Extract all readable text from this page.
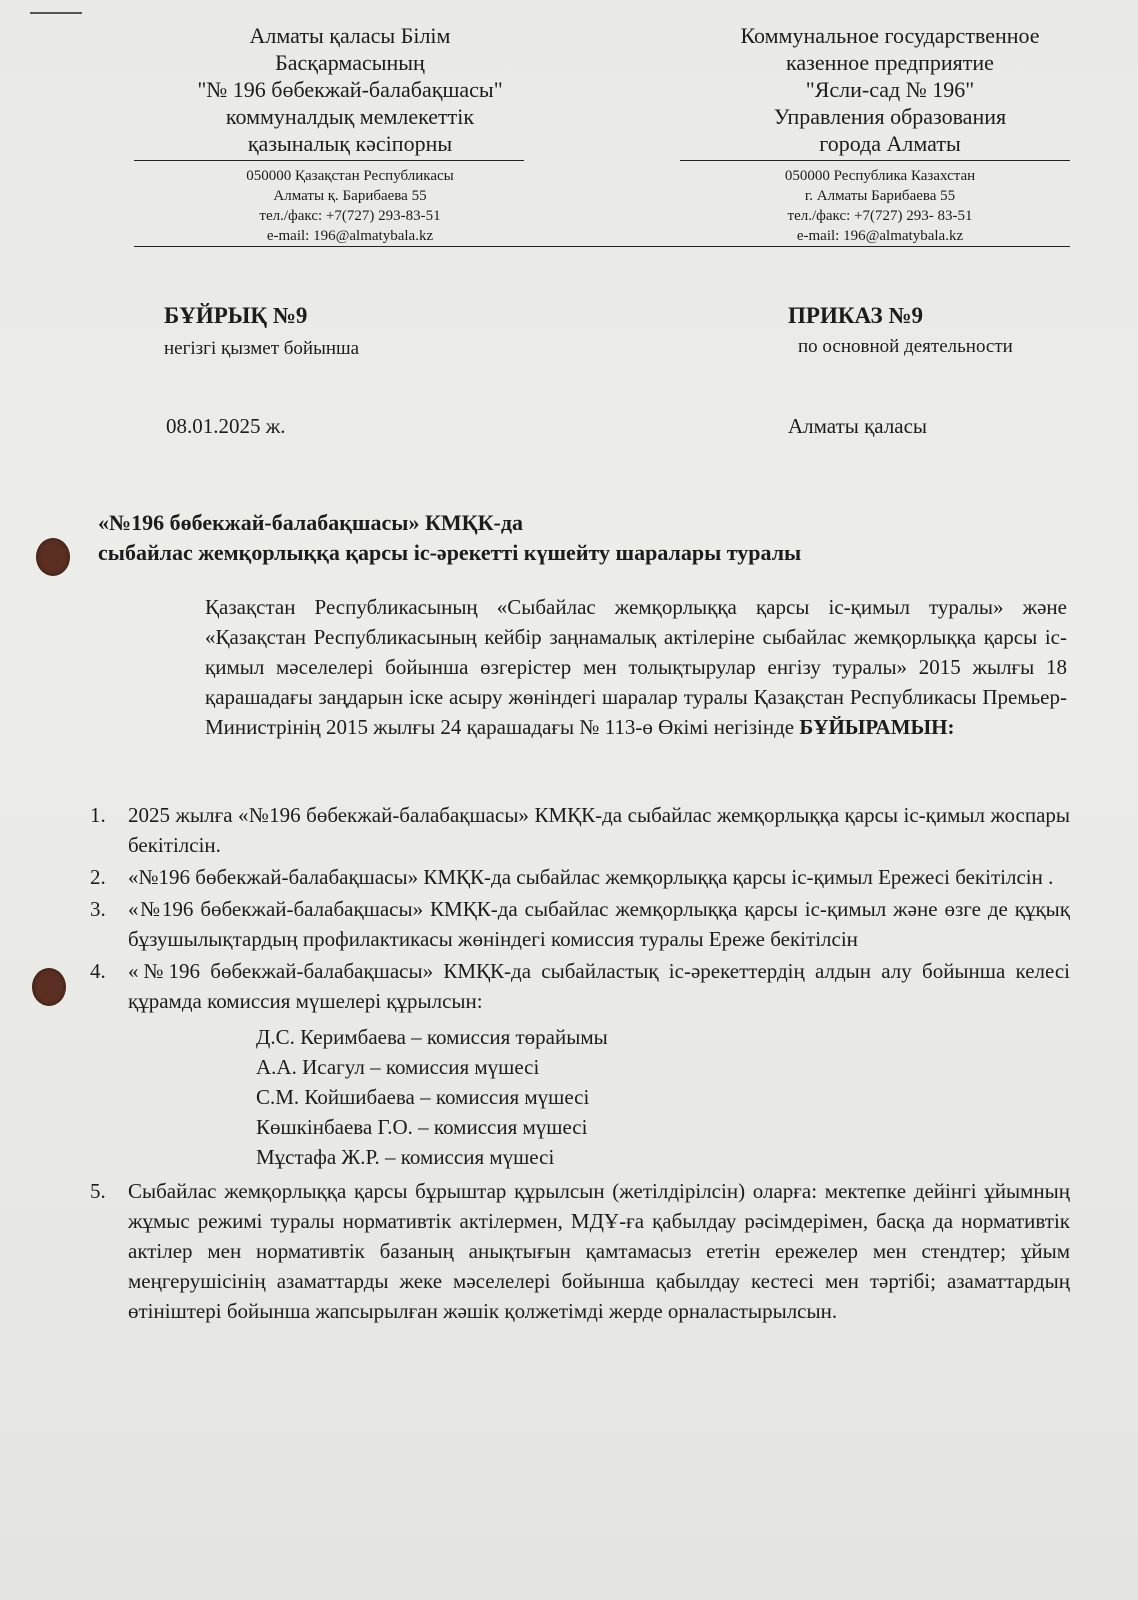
Алматы қаласы Білім
Басқармасының
"№ 196 бөбекжай-балабақшасы"
коммуналдық мемлекеттік
қазыналық кәсіпорны
050000 Қазақстан Республикасы
Алматы қ. Барибаева 55
тел./факс: +7(727) 293-83-51
e-mail: 196@almatybala.kz
Коммунальное государственное
казенное предприятие
"Ясли-сад № 196"
Управления образования
города Алматы
050000 Республика Казахстан
г. Алматы Барибаева 55
тел./факс: +7(727) 293- 83-51
e-mail: 196@almatybala.kz
БҰЙРЫҚ №9
негізгі қызмет бойынша
ПРИКАЗ №9
по основной деятельности
08.01.2025 ж.	Алматы қаласы
«№196 бөбекжай-балабақшасы» КМҚК-да
сыбайлас жемқорлыққа қарсы іс-әрекетті күшейту шаралары туралы
Қазақстан Республикасының «Сыбайлас жемқорлыққа қарсы іс-қимыл туралы» және «Қазақстан Республикасының кейбір заңнамалық актілеріне сыбайлас жемқорлыққа қарсы іс-қимыл мәселелері бойынша өзгерістер мен толықтырулар енгізу туралы» 2015 жылғы 18 қарашадағы заңдарын іске асыру жөніндегі шаралар туралы Қазақстан Республикасы Премьер-Министрінің 2015 жылғы 24 қарашадағы № 113-ө Өкімі негізінде БҰЙЫРАМЫН:
1. 2025 жылға «№196 бөбекжай-балабақшасы» КМҚК-да сыбайлас жемқорлыққа қарсы іс-қимыл жоспары бекітілсін.
2. «№196 бөбекжай-балабақшасы» КМҚК-да сыбайлас жемқорлыққа қарсы іс-қимыл Ережесі бекітілсін .
3. «№196 бөбекжай-балабақшасы» КМҚК-да сыбайлас жемқорлыққа қарсы іс-қимыл және өзге де құқық бұзушылықтардың профилактикасы жөніндегі комиссия туралы Ереже бекітілсін
4. «№196 бөбекжай-балабақшасы» КМҚК-да сыбайластық іс-әрекеттердің алдын алу бойынша келесі құрамда комиссия мүшелері құрылсын:
Д.С. Керимбаева – комиссия төрайымы
А.А. Исагул – комиссия мүшесі
С.М. Койшибаева – комиссия мүшесі
Көшкінбаева Г.О. – комиссия мүшесі
Мұстафа Ж.Р. – комиссия мүшесі
5. Сыбайлас жемқорлыққа қарсы бұрыштар құрылсын (жетілдірілсін) оларға: мектепке дейінгі ұйымның жұмыс режимі туралы нормативтік актілермен, МДҰ-ға қабылдау рәсімдерімен, басқа да нормативтік актілер мен нормативтік базаның анықтығын қамтамасыз ететін ережелер мен стендтер; ұйым меңгерушісінің азаматтарды жеке мәселелері бойынша қабылдау кестесі мен тәртібі; азаматтардың өтініштері бойынша жапсырылған жәшік қолжетімді жерде орналастырылсын.
